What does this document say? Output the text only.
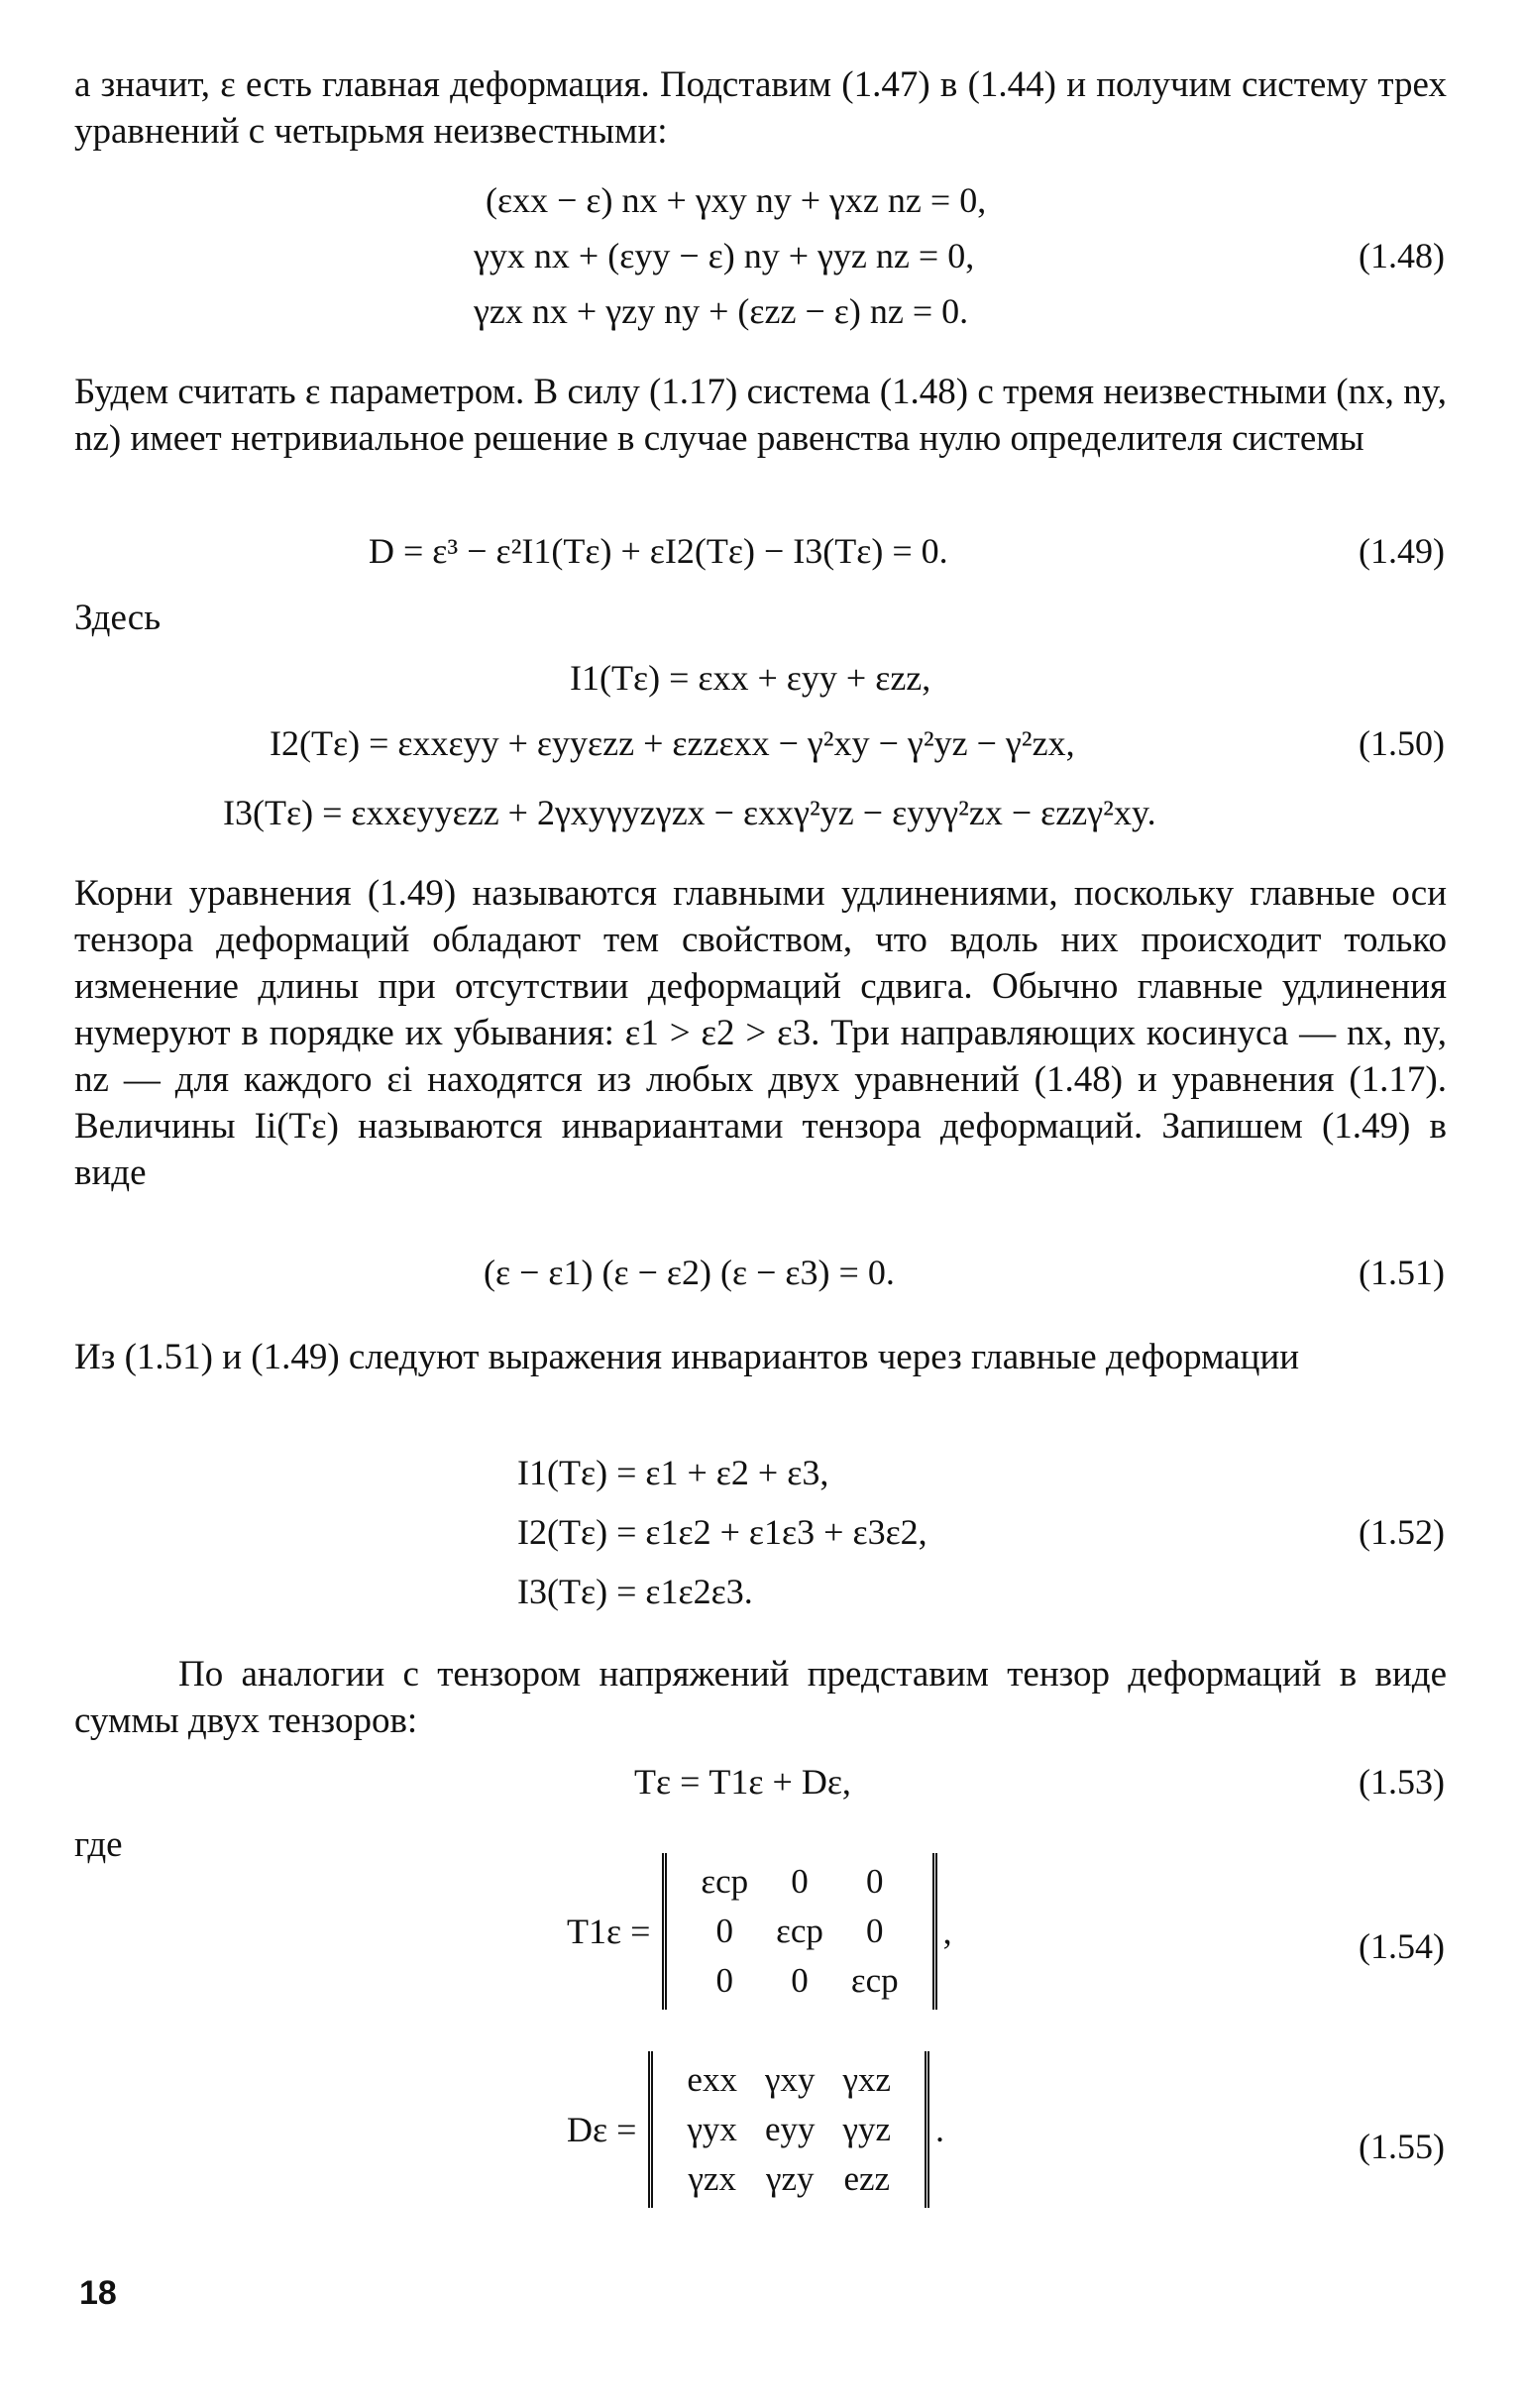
а значит, ε есть главная деформация. Подставим (1.47) в (1.44) и получим систему трех уравнений с четырьмя неизвестными:
(εxx − ε) nx + γxy ny + γxz nz = 0,
γyx nx + (εyy − ε) ny + γyz nz = 0,
γzx nx + γzy ny + (εzz − ε) nz = 0.
(1.48)
Будем считать ε параметром. В силу (1.17) система (1.48) с тремя неизвестными (nx, ny, nz) имеет нетривиальное решение в случае равенства нулю определителя системы
D = ε³ − ε²I1(Tε) + εI2(Tε) − I3(Tε) = 0.	(1.49)
Здесь
I1(Tε) = εxx + εyy + εzz,
I2(Tε) = εxxεyy + εyyεzz + εzzεxx − γ²xy − γ²yz − γ²zx,
I3(Tε) = εxxεyyεzz + 2γxyγyzγzx − εxxγ²yz − εyyγ²zx − εzzγ²xy.
(1.50)
Корни уравнения (1.49) называются главными удлинениями, поскольку главные оси тензора деформаций обладают тем свойством, что вдоль них происходит только изменение длины при отсутствии деформаций сдвига. Обычно главные удлинения нумеруют в порядке их убывания: ε1 > ε2 > ε3. Три направляющих косинуса — nx, ny, nz — для каждого εi находятся из любых двух уравнений (1.48) и уравнения (1.17). Величины Ii(Tε) называются инвариантами тензора деформаций. Запишем (1.49) в виде
(ε − ε1) (ε − ε2) (ε − ε3) = 0.	(1.51)
Из (1.51) и (1.49) следуют выражения инвариантов через главные деформации
I1(Tε) = ε1 + ε2 + ε3,
I2(Tε) = ε1ε2 + ε1ε3 + ε3ε2,
I3(Tε) = ε1ε2ε3.
(1.52)
По аналогии с тензором напряжений представим тензор деформаций в виде суммы двух тензоров:
Tε = T1ε + Dε,	(1.53)
где
T1ε =
εср	0	0
0	εср	0
0	0	εср
,	(1.54)
Dε =
exx	γxy	γxz
γyx	eyy	γyz
γzx	γzy	ezz
.	(1.55)
18
